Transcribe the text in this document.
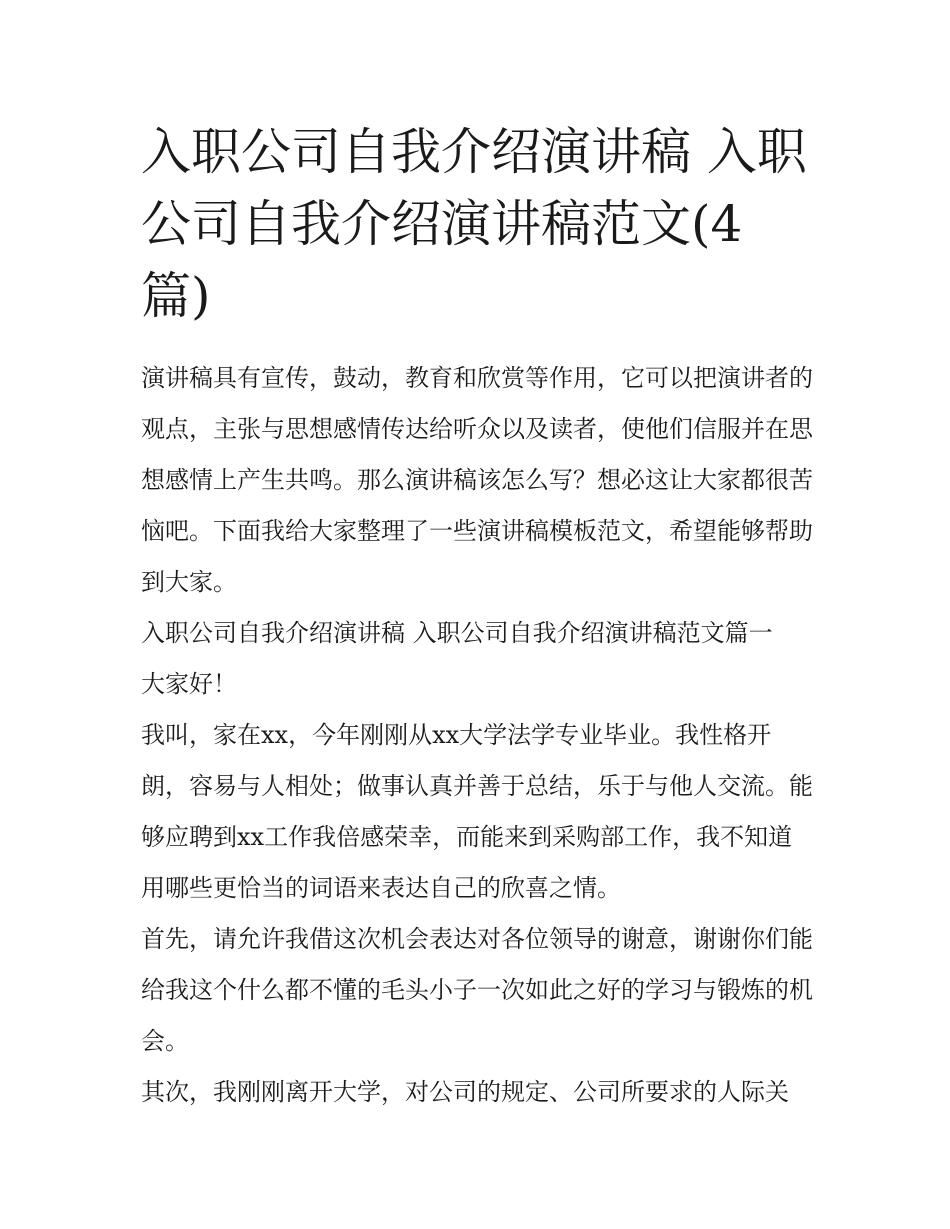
入职公司自我介绍演讲稿 入职公司自我介绍演讲稿范文(4篇)

演讲稿具有宣传，鼓动，教育和欣赏等作用，它可以把演讲者的观点，主张与思想感情传达给听众以及读者，使他们信服并在思想感情上产生共鸣。那么演讲稿该怎么写？想必这让大家都很苦恼吧。下面我给大家整理了一些演讲稿模板范文，希望能够帮助到大家。

入职公司自我介绍演讲稿 入职公司自我介绍演讲稿范文篇一

大家好！

我叫，家在xx，今年刚刚从xx大学法学专业毕业。我性格开朗，容易与人相处；做事认真并善于总结，乐于与他人交流。能够应聘到xx工作我倍感荣幸，而能来到采购部工作，我不知道用哪些更恰当的词语来表达自己的欣喜之情。

首先，请允许我借这次机会表达对各位领导的谢意，谢谢你们能给我这个什么都不懂的毛头小子一次如此之好的学习与锻炼的机会。

其次，我刚刚离开大学，对公司的规定、公司所要求的人际关
